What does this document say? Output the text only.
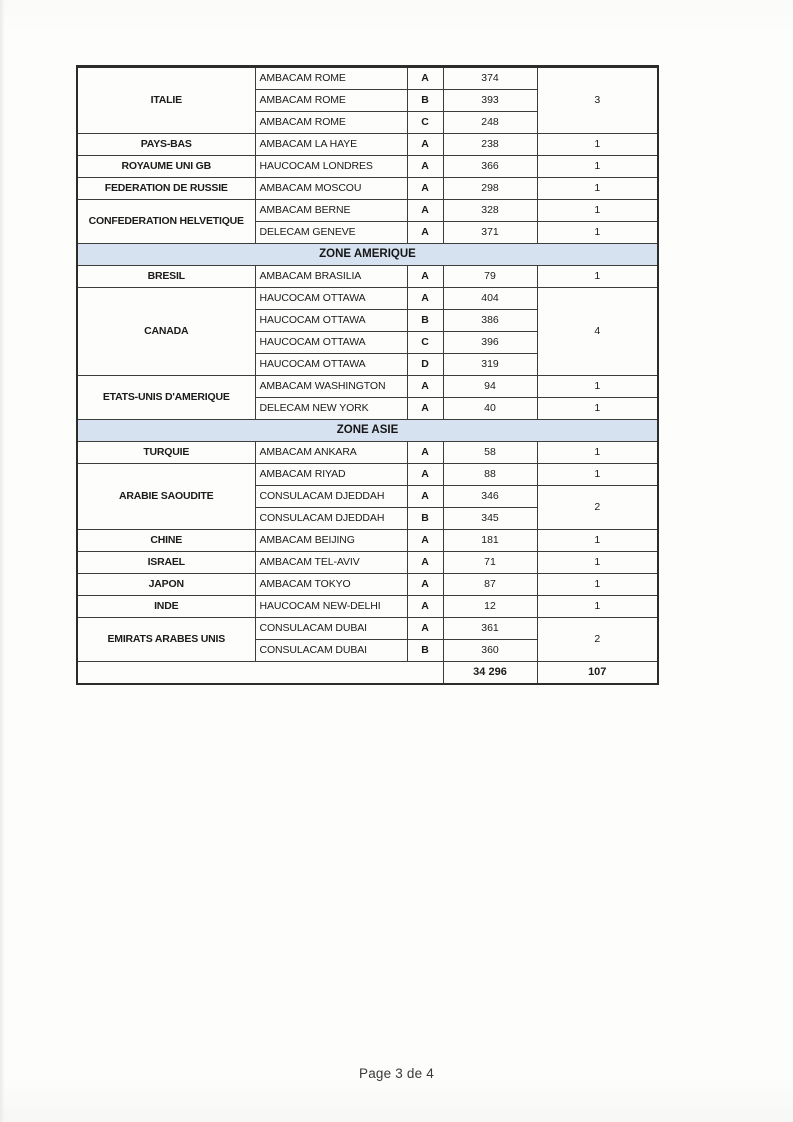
ITALIE	AMBACAM ROME	A	374	3
	AMBACAM ROME	B	393	
	AMBACAM ROME	C	248	
PAYS-BAS	AMBACAM LA HAYE	A	238	1
ROYAUME UNI GB	HAUCOCAM LONDRES	A	366	1
FEDERATION DE RUSSIE	AMBACAM MOSCOU	A	298	1
CONFEDERATION HELVETIQUE	AMBACAM BERNE	A	328	1
	DELECAM GENEVE	A	371	1
ZONE AMERIQUE				
BRESIL	AMBACAM BRASILIA	A	79	1
CANADA	HAUCOCAM OTTAWA	A	404	4
	HAUCOCAM OTTAWA	B	386	
	HAUCOCAM OTTAWA	C	396	
	HAUCOCAM OTTAWA	D	319	
ETATS-UNIS D'AMERIQUE	AMBACAM WASHINGTON	A	94	1
	DELECAM NEW YORK	A	40	1
ZONE ASIE				
TURQUIE	AMBACAM ANKARA	A	58	1
ARABIE SAOUDITE	AMBACAM RIYAD	A	88	1
	CONSULACAM DJEDDAH	A	346	2
	CONSULACAM DJEDDAH	B	345	
CHINE	AMBACAM BEIJING	A	181	1
ISRAEL	AMBACAM TEL-AVIV	A	71	1
JAPON	AMBACAM TOKYO	A	87	1
INDE	HAUCOCAM NEW-DELHI	A	12	1
EMIRATS ARABES UNIS	CONSULACAM DUBAI	A	361	2
	CONSULACAM DUBAI	B	360	
			34 296	107
Page 3 de 4
